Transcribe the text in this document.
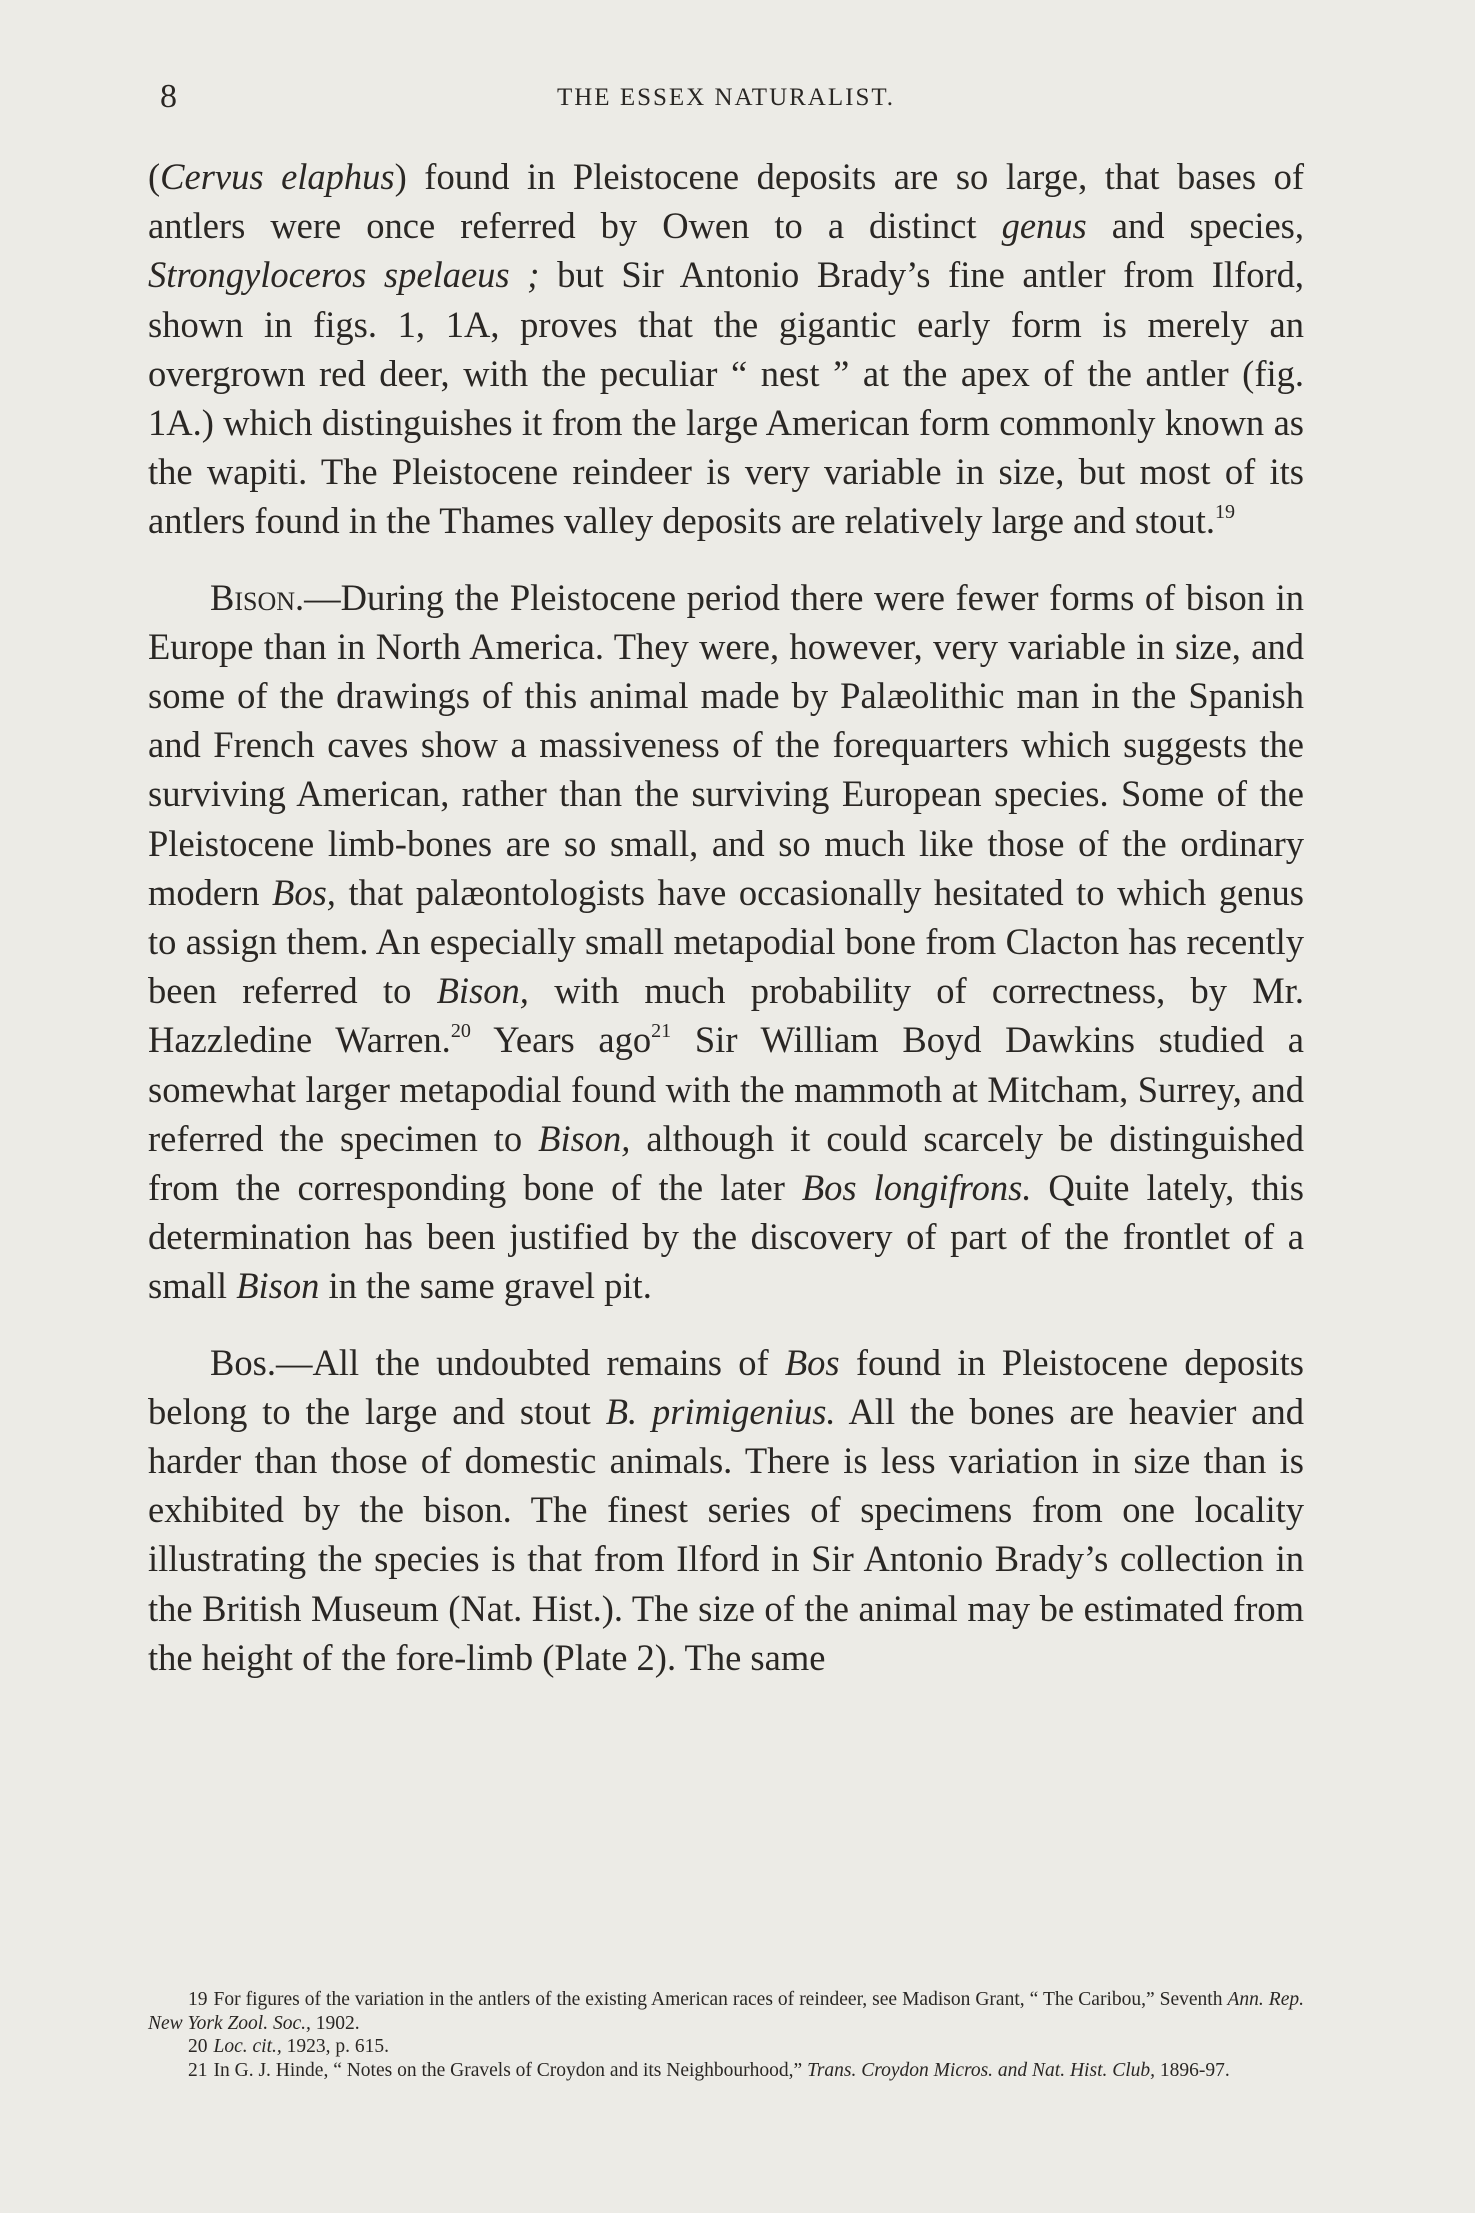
8	THE ESSEX NATURALIST.

(Cervus elaphus) found in Pleistocene deposits are so large, that bases of antlers were once referred by Owen to a distinct genus and species, Strongyloceros spelaeus ; but Sir Antonio Brady’s fine antler from Ilford, shown in figs. 1, 1A, proves that the gigantic early form is merely an overgrown red deer, with the peculiar “ nest ” at the apex of the antler (fig. 1A.) which distinguishes it from the large American form commonly known as the wapiti. The Pleistocene reindeer is very variable in size, but most of its antlers found in the Thames valley deposits are relatively large and stout.$^{19}$

Bison.—During the Pleistocene period there were fewer forms of bison in Europe than in North America. They were, however, very variable in size, and some of the drawings of this animal made by Palæolithic man in the Spanish and French caves show a massiveness of the forequarters which suggests the surviving American, rather than the surviving European species. Some of the Pleistocene limb-bones are so small, and so much like those of the ordinary modern Bos, that palæontologists have occasionally hesitated to which genus to assign them. An especially small metapodial bone from Clacton has recently been referred to Bison, with much probability of correctness, by Mr. Hazzledine Warren.$^{20}$ Years ago$^{21}$ Sir William Boyd Dawkins studied a somewhat larger metapodial found with the mammoth at Mitcham, Surrey, and referred the specimen to Bison, although it could scarcely be distinguished from the corresponding bone of the later Bos longifrons. Quite lately, this determination has been justified by the discovery of part of the frontlet of a small Bison in the same gravel pit.

Bos.—All the undoubted remains of Bos found in Pleistocene deposits belong to the large and stout B. primigenius. All the bones are heavier and harder than those of domestic animals. There is less variation in size than is exhibited by the bison. The finest series of specimens from one locality illustrating the species is that from Ilford in Sir Antonio Brady’s collection in the British Museum (Nat. Hist.). The size of the animal may be estimated from the height of the fore-limb (Plate 2). The same

19 For figures of the variation in the antlers of the existing American races of reindeer, see Madison Grant, “ The Caribou,” Seventh Ann. Rep. New York Zool. Soc., 1902.

20 Loc. cit., 1923, p. 615.

21 In G. J. Hinde, “ Notes on the Gravels of Croydon and its Neighbourhood,” Trans. Croydon Micros. and Nat. Hist. Club, 1896-97.
